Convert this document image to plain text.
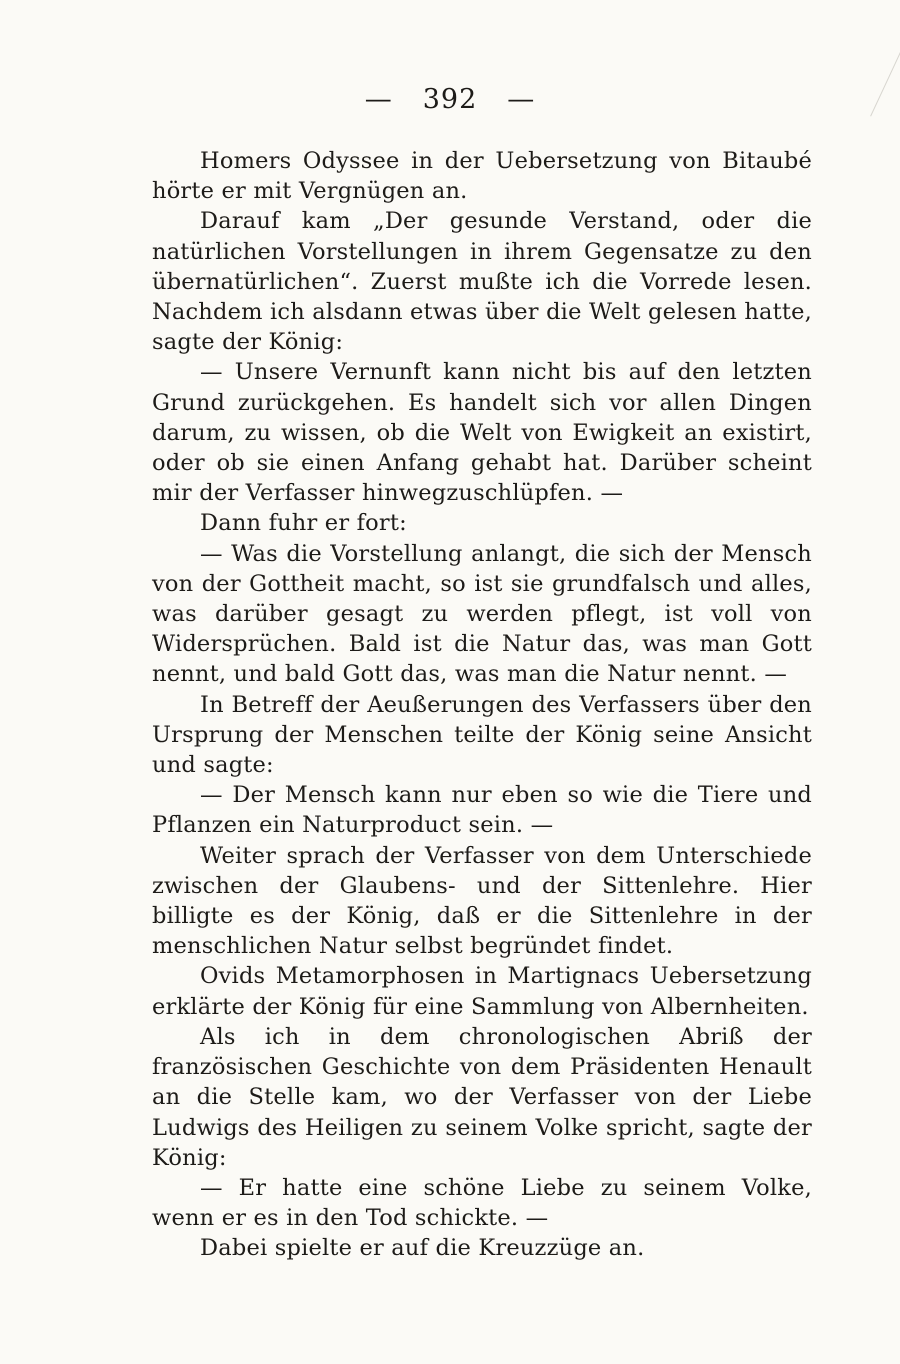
— 392 —

Homers Odyssee in der Uebersetzung von Bitaubé hörte er mit Vergnügen an.

Darauf kam „Der gesunde Verstand, oder die natürlichen Vorstellungen in ihrem Gegensatze zu den übernatürlichen“. Zuerst mußte ich die Vorrede lesen. Nachdem ich alsdann etwas über die Welt gelesen hatte, sagte der König:

— Unsere Vernunft kann nicht bis auf den letzten Grund zurückgehen. Es handelt sich vor allen Dingen darum, zu wissen, ob die Welt von Ewigkeit an existirt, oder ob sie einen Anfang gehabt hat. Darüber scheint mir der Verfasser hinwegzuschlüpfen. —

Dann fuhr er fort:

— Was die Vorstellung anlangt, die sich der Mensch von der Gottheit macht, so ist sie grundfalsch und alles, was darüber gesagt zu werden pflegt, ist voll von Widersprüchen. Bald ist die Natur das, was man Gott nennt, und bald Gott das, was man die Natur nennt. —

In Betreff der Aeußerungen des Verfassers über den Ursprung der Menschen teilte der König seine Ansicht und sagte:

— Der Mensch kann nur eben so wie die Tiere und Pflanzen ein Naturproduct sein. —

Weiter sprach der Verfasser von dem Unterschiede zwischen der Glaubens- und der Sittenlehre. Hier billigte es der König, daß er die Sittenlehre in der menschlichen Natur selbst begründet findet.

Ovids Metamorphosen in Martignacs Uebersetzung erklärte der König für eine Sammlung von Albernheiten.

Als ich in dem chronologischen Abriß der französischen Geschichte von dem Präsidenten Henault an die Stelle kam, wo der Verfasser von der Liebe Ludwigs des Heiligen zu seinem Volke spricht, sagte der König:

— Er hatte eine schöne Liebe zu seinem Volke, wenn er es in den Tod schickte. —

Dabei spielte er auf die Kreuzzüge an.
